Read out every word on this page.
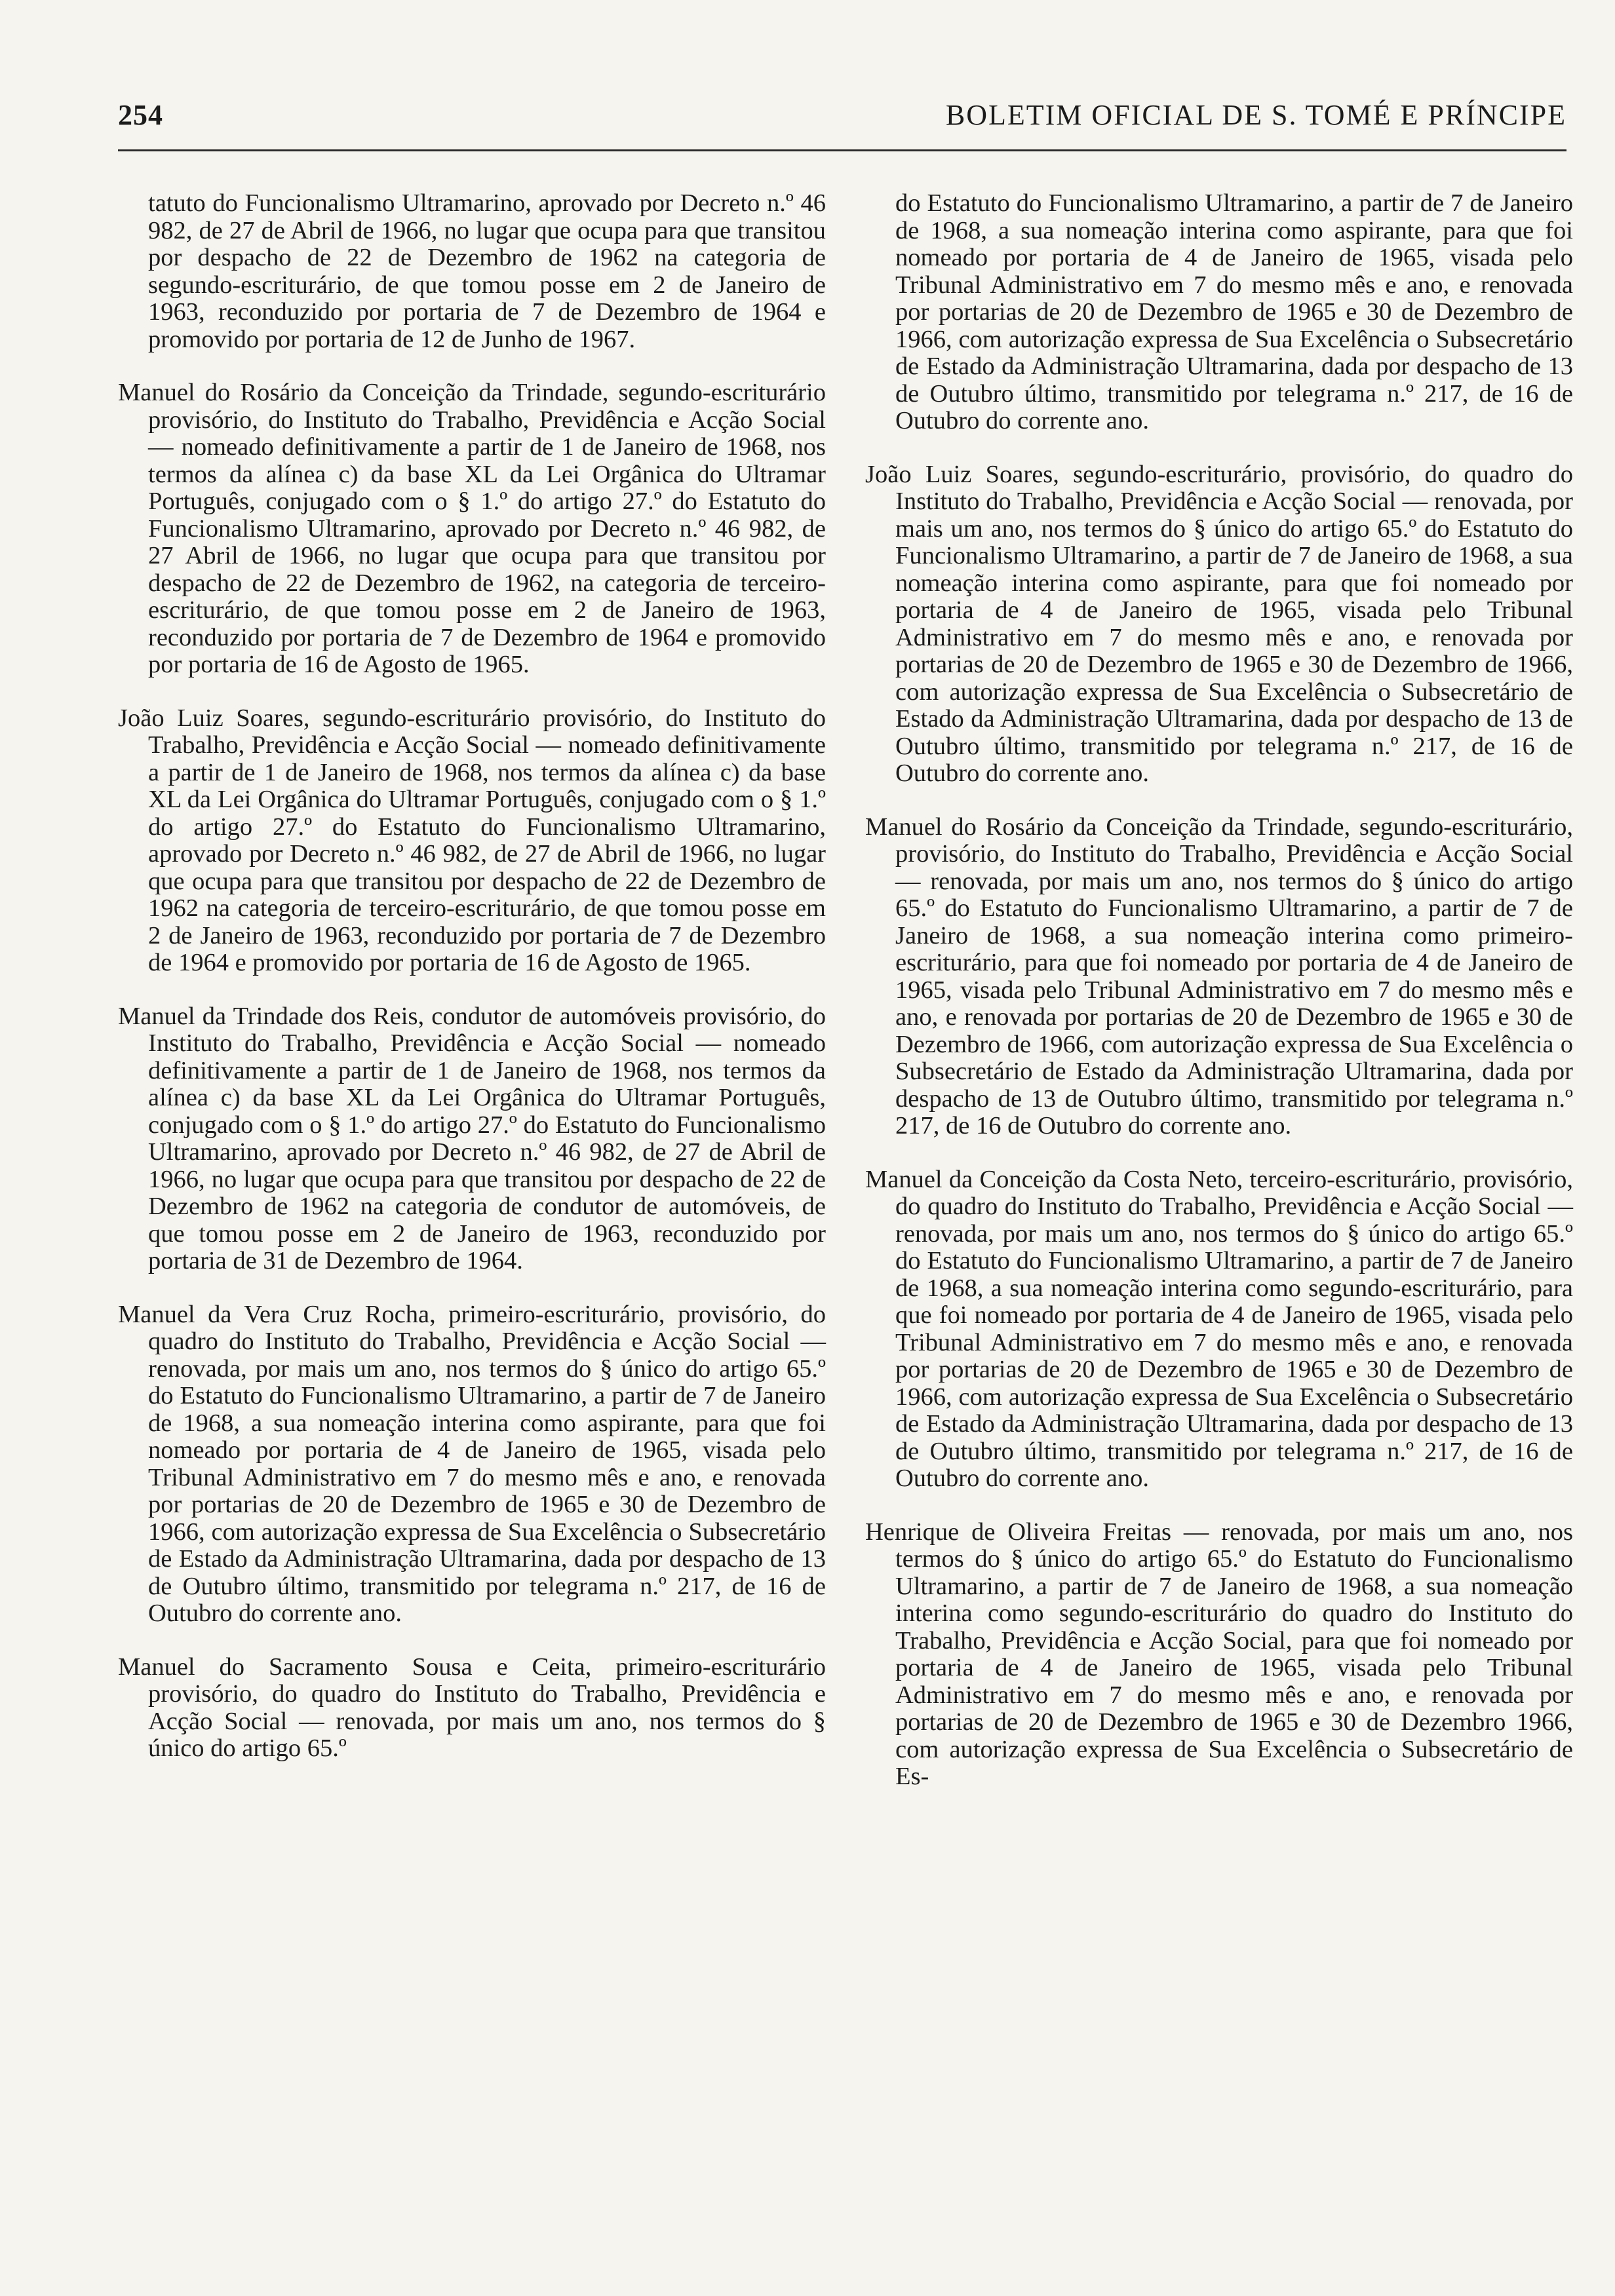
254	BOLETIM OFICIAL DE S. TOMÉ E PRÍNCIPE

tatuto do Funcionalismo Ultramarino, aprovado por Decreto n.º 46 982, de 27 de Abril de 1966, no lugar que ocupa para que transitou por despacho de 22 de Dezembro de 1962 na categoria de segundo-escriturário, de que tomou posse em 2 de Janeiro de 1963, reconduzido por portaria de 7 de Dezembro de 1964 e promovido por portaria de 12 de Junho de 1967.

Manuel do Rosário da Conceição da Trindade, segundo-escriturário provisório, do Instituto do Trabalho, Previdência e Acção Social — nomeado definitivamente a partir de 1 de Janeiro de 1968, nos termos da alínea c) da base XL da Lei Orgânica do Ultramar Português, conjugado com o § 1.º do artigo 27.º do Estatuto do Funcionalismo Ultramarino, aprovado por Decreto n.º 46 982, de 27 Abril de 1966, no lugar que ocupa para que transitou por despacho de 22 de Dezembro de 1962, na categoria de terceiro-escriturário, de que tomou posse em 2 de Janeiro de 1963, reconduzido por portaria de 7 de Dezembro de 1964 e promovido por portaria de 16 de Agosto de 1965.

João Luiz Soares, segundo-escriturário provisório, do Instituto do Trabalho, Previdência e Acção Social — nomeado definitivamente a partir de 1 de Janeiro de 1968, nos termos da alínea c) da base XL da Lei Orgânica do Ultramar Português, conjugado com o § 1.º do artigo 27.º do Estatuto do Funcionalismo Ultramarino, aprovado por Decreto n.º 46 982, de 27 de Abril de 1966, no lugar que ocupa para que transitou por despacho de 22 de Dezembro de 1962 na categoria de terceiro-escriturário, de que tomou posse em 2 de Janeiro de 1963, reconduzido por portaria de 7 de Dezembro de 1964 e promovido por portaria de 16 de Agosto de 1965.

Manuel da Trindade dos Reis, condutor de automóveis provisório, do Instituto do Trabalho, Previdência e Acção Social — nomeado definitivamente a partir de 1 de Janeiro de 1968, nos termos da alínea c) da base XL da Lei Orgânica do Ultramar Português, conjugado com o § 1.º do artigo 27.º do Estatuto do Funcionalismo Ultramarino, aprovado por Decreto n.º 46 982, de 27 de Abril de 1966, no lugar que ocupa para que transitou por despacho de 22 de Dezembro de 1962 na categoria de condutor de automóveis, de que tomou posse em 2 de Janeiro de 1963, reconduzido por portaria de 31 de Dezembro de 1964.

Manuel da Vera Cruz Rocha, primeiro-escriturário, provisório, do quadro do Instituto do Trabalho, Previdência e Acção Social — renovada, por mais um ano, nos termos do § único do artigo 65.º do Estatuto do Funcionalismo Ultramarino, a partir de 7 de Janeiro de 1968, a sua nomeação interina como aspirante, para que foi nomeado por portaria de 4 de Janeiro de 1965, visada pelo Tribunal Administrativo em 7 do mesmo mês e ano, e renovada por portarias de 20 de Dezembro de 1965 e 30 de Dezembro de 1966, com autorização expressa de Sua Excelência o Subsecretário de Estado da Administração Ultramarina, dada por despacho de 13 de Outubro último, transmitido por telegrama n.º 217, de 16 de Outubro do corrente ano.

Manuel do Sacramento Sousa e Ceita, primeiro-escriturário provisório, do quadro do Instituto do Trabalho, Previdência e Acção Social — renovada, por mais um ano, nos termos do § único do artigo 65.º

do Estatuto do Funcionalismo Ultramarino, a partir de 7 de Janeiro de 1968, a sua nomeação interina como aspirante, para que foi nomeado por portaria de 4 de Janeiro de 1965, visada pelo Tribunal Administrativo em 7 do mesmo mês e ano, e renovada por portarias de 20 de Dezembro de 1965 e 30 de Dezembro de 1966, com autorização expressa de Sua Excelência o Subsecretário de Estado da Administração Ultramarina, dada por despacho de 13 de Outubro último, transmitido por telegrama n.º 217, de 16 de Outubro do corrente ano.

João Luiz Soares, segundo-escriturário, provisório, do quadro do Instituto do Trabalho, Previdência e Acção Social — renovada, por mais um ano, nos termos do § único do artigo 65.º do Estatuto do Funcionalismo Ultramarino, a partir de 7 de Janeiro de 1968, a sua nomeação interina como aspirante, para que foi nomeado por portaria de 4 de Janeiro de 1965, visada pelo Tribunal Administrativo em 7 do mesmo mês e ano, e renovada por portarias de 20 de Dezembro de 1965 e 30 de Dezembro de 1966, com autorização expressa de Sua Excelência o Subsecretário de Estado da Administração Ultramarina, dada por despacho de 13 de Outubro último, transmitido por telegrama n.º 217, de 16 de Outubro do corrente ano.

Manuel do Rosário da Conceição da Trindade, segundo-escriturário, provisório, do Instituto do Trabalho, Previdência e Acção Social — renovada, por mais um ano, nos termos do § único do artigo 65.º do Estatuto do Funcionalismo Ultramarino, a partir de 7 de Janeiro de 1968, a sua nomeação interina como primeiro-escriturário, para que foi nomeado por portaria de 4 de Janeiro de 1965, visada pelo Tribunal Administrativo em 7 do mesmo mês e ano, e renovada por portarias de 20 de Dezembro de 1965 e 30 de Dezembro de 1966, com autorização expressa de Sua Excelência o Subsecretário de Estado da Administração Ultramarina, dada por despacho de 13 de Outubro último, transmitido por telegrama n.º 217, de 16 de Outubro do corrente ano.

Manuel da Conceição da Costa Neto, terceiro-escriturário, provisório, do quadro do Instituto do Trabalho, Previdência e Acção Social — renovada, por mais um ano, nos termos do § único do artigo 65.º do Estatuto do Funcionalismo Ultramarino, a partir de 7 de Janeiro de 1968, a sua nomeação interina como segundo-escriturário, para que foi nomeado por portaria de 4 de Janeiro de 1965, visada pelo Tribunal Administrativo em 7 do mesmo mês e ano, e renovada por portarias de 20 de Dezembro de 1965 e 30 de Dezembro de 1966, com autorização expressa de Sua Excelência o Subsecretário de Estado da Administração Ultramarina, dada por despacho de 13 de Outubro último, transmitido por telegrama n.º 217, de 16 de Outubro do corrente ano.

Henrique de Oliveira Freitas — renovada, por mais um ano, nos termos do § único do artigo 65.º do Estatuto do Funcionalismo Ultramarino, a partir de 7 de Janeiro de 1968, a sua nomeação interina como segundo-escriturário do quadro do Instituto do Trabalho, Previdência e Acção Social, para que foi nomeado por portaria de 4 de Janeiro de 1965, visada pelo Tribunal Administrativo em 7 do mesmo mês e ano, e renovada por portarias de 20 de Dezembro de 1965 e 30 de Dezembro 1966, com autorização expressa de Sua Excelência o Subsecretário de Es-
